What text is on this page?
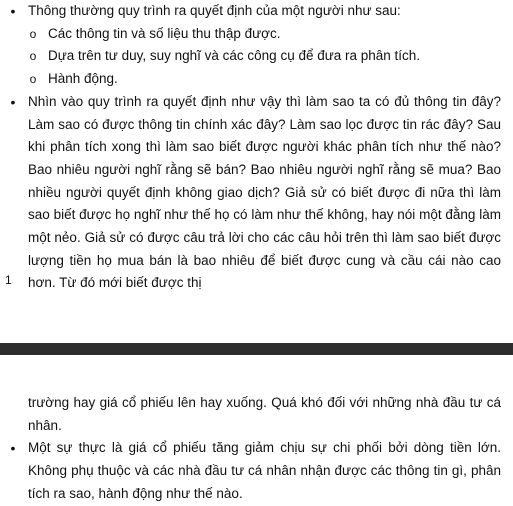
• Thông thường quy trình ra quyết định của một người như sau:
o Các thông tin và số liệu thu thập được.
o Dựa trên tư duy, suy nghĩ và các công cụ để đưa ra phân tích.
o Hành động.
• Nhìn vào quy trình ra quyết định như vậy thì làm sao ta có đủ thông tin đây? Làm sao có được thông tin chính xác đây? Làm sao lọc được tin rác đây? Sau khi phân tích xong thì làm sao biết được người khác phân tích như thế nào? Bao nhiêu người nghĩ rằng sẽ bán? Bao nhiêu người nghĩ rằng sẽ mua? Bao nhiều người quyết định không giao dịch? Giả sử có biết được đi nữa thì làm sao biết được họ nghĩ như thế họ có làm như thế không, hay nói một đằng làm một nẻo. Giả sử có được câu trả lời cho các câu hỏi trên thì làm sao biết được lượng tiền họ mua bán là bao nhiêu để biết được cung và cầu cái nào cao hơn. Từ đó mới biết được thị
1
trường hay giá cổ phiếu lên hay xuống. Quá khó đối với những nhà đầu tư cá nhân.
• Một sự thực là giá cổ phiếu tăng giảm chịu sự chi phối bởi dòng tiền lớn. Không phụ thuộc và các nhà đầu tư cá nhân nhận được các thông tin gì, phân tích ra sao, hành động như thế nào.
